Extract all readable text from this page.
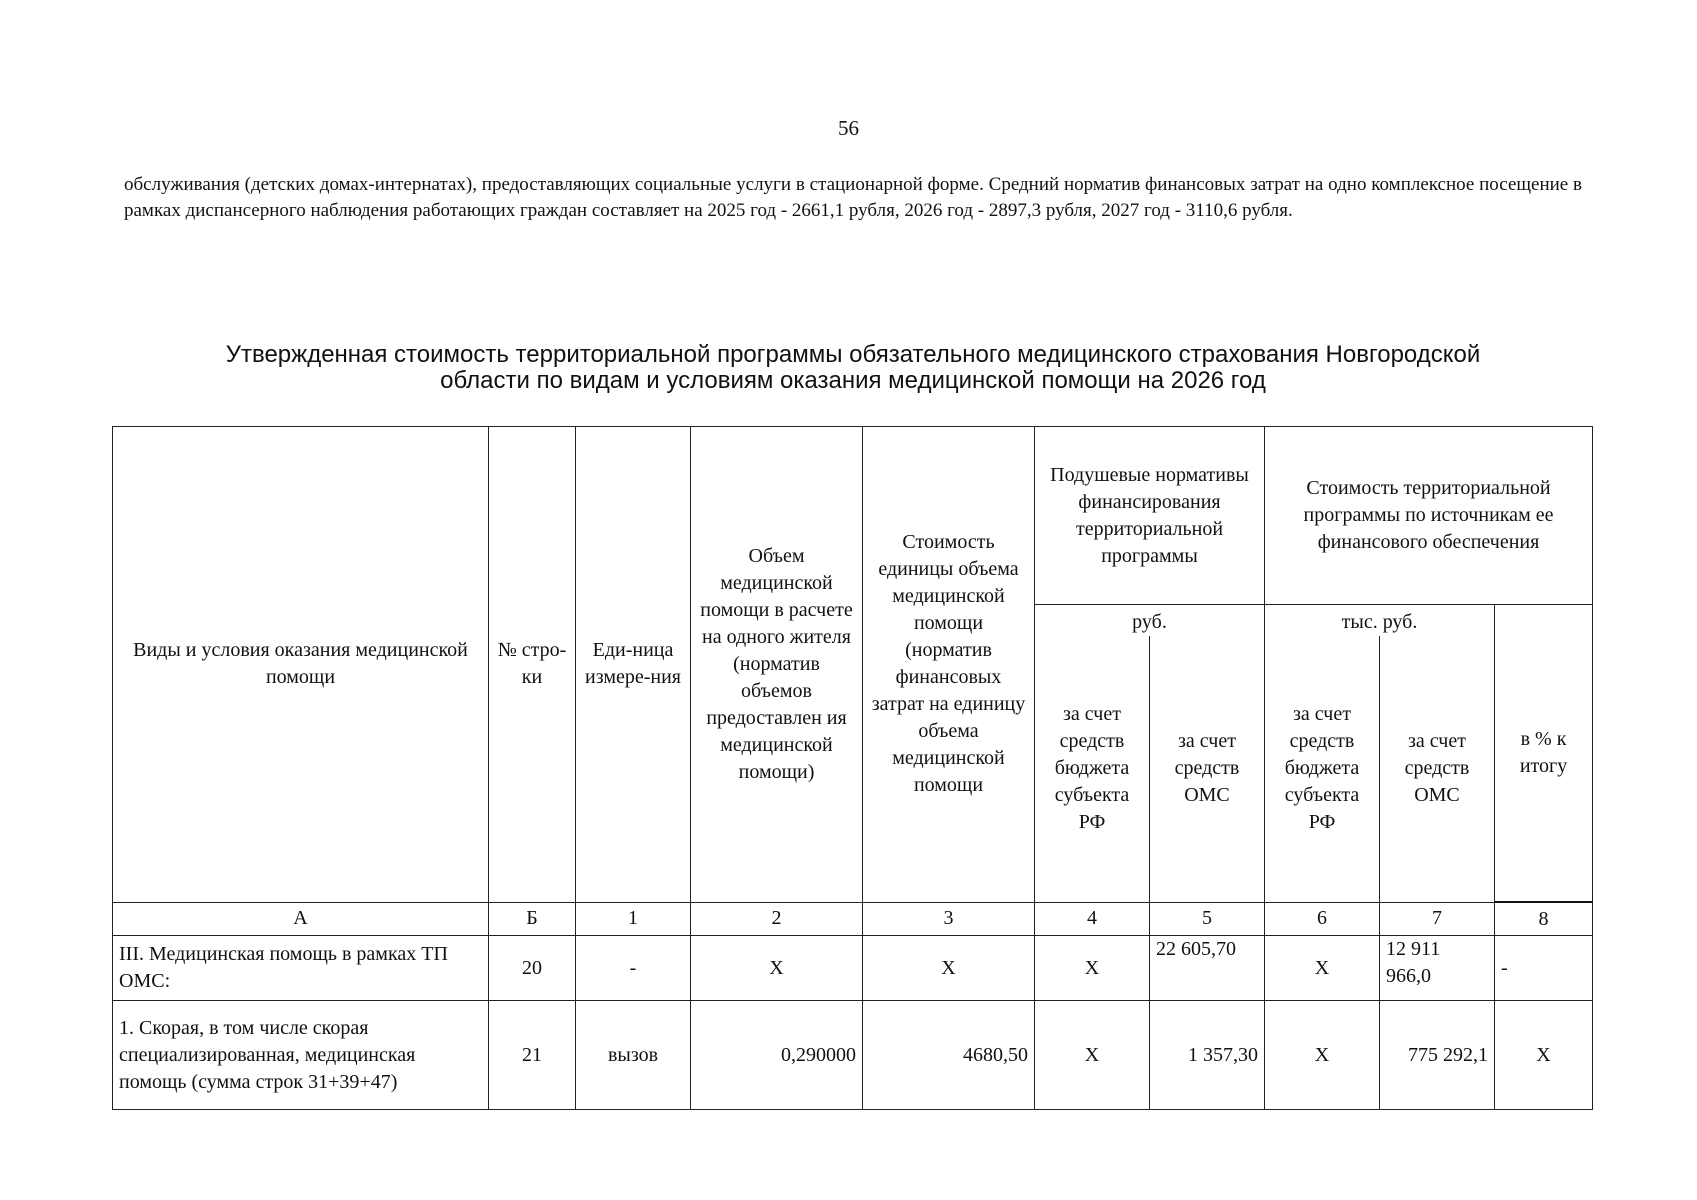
56

обслуживания (детских домах-интернатах), предоставляющих социальные услуги в стационарной форме. Средний норматив финансовых затрат на одно комплексное посещение в рамках диспансерного наблюдения работающих граждан составляет на 2025 год - 2661,1 рубля, 2026 год - 2897,3 рубля, 2027 год - 3110,6 рубля.

Утвержденная стоимость территориальной программы обязательного медицинского страхования Новгородской
области по видам и условиям оказания медицинской помощи на 2026 год
Виды и условия оказания медицинской помощи	№ стро-ки	Еди-ница измере-ния	Объем медицинской помощи в расчете на одного жителя (норматив объемов предоставлен ия медицинской помощи)	Стоимость единицы объема медицинской помощи (норматив финансовых затрат на единицу объема медицинской помощи	Подушевые нормативы финансирования территориальной программы		Стоимость территориальной программы по источникам ее финансового обеспечения		
					руб.		тыс. руб.		в % к итогу
					за счет средств бюджета субъекта РФ	за счет средств ОМС	за счет средств бюджета субъекта РФ	за счет средств ОМС	
А	Б	1	2	3	4	5	6	7	8
III. Медицинская помощь в рамках ТП ОМС:	20	-	Х	Х	Х	22 605,70	Х	12 911 966,0	-
1. Скорая, в том числе скорая специализированная, медицинская помощь (сумма строк 31+39+47)	21	вызов	0,290000	4680,50	Х	1 357,30	Х	775 292,1	Х
